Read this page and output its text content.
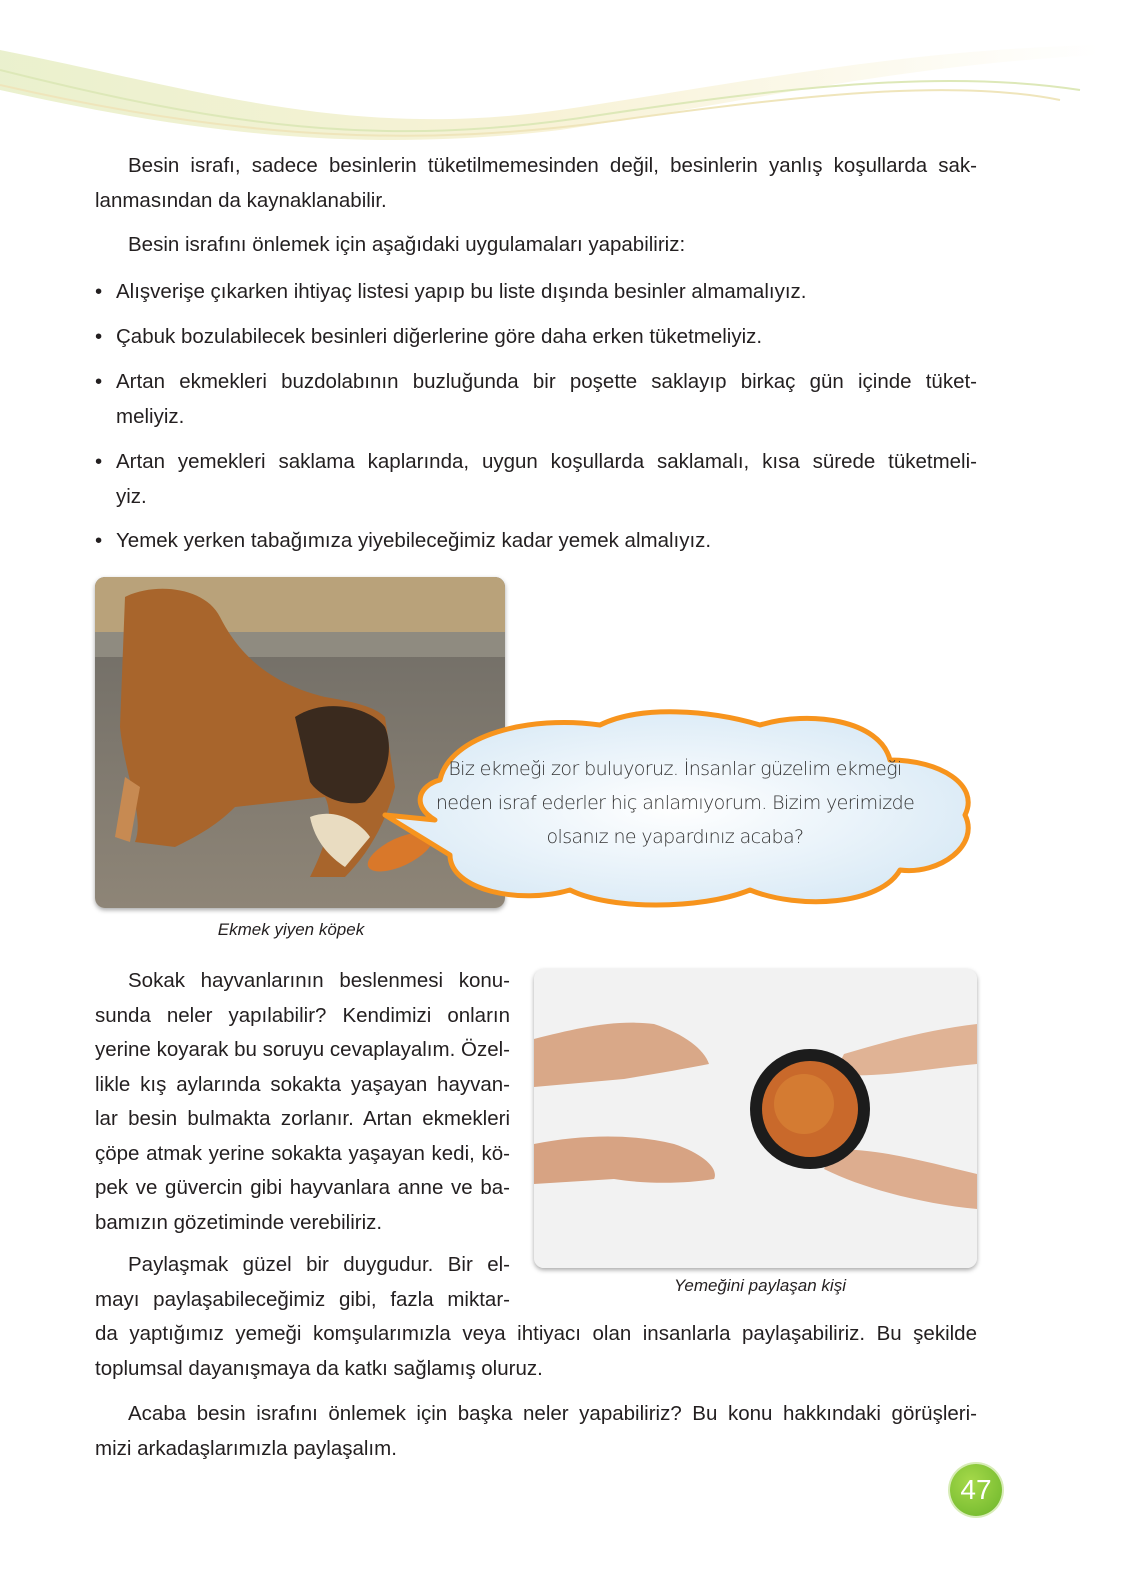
Besin israfı, sadece besinlerin tüketilmemesinden değil, besinlerin yanlış koşullarda sak-
lanmasından da kaynaklanabilir.
Besin israfını önlemek için aşağıdaki uygulamaları yapabiliriz:
• Alışverişe çıkarken ihtiyaç listesi yapıp bu liste dışında besinler almamalıyız.
• Çabuk bozulabilecek besinleri diğerlerine göre daha erken tüketmeliyiz.
• Artan ekmekleri buzdolabının buzluğunda bir poşette saklayıp birkaç gün içinde tüket-
meliyiz.
• Artan yemekleri saklama kaplarında, uygun koşullarda saklamalı, kısa sürede tüketmeli-
yiz.
• Yemek yerken tabağımıza yiyebileceğimiz kadar yemek almalıyız.
Ekmek yiyen köpek
Biz ekmeği zor buluyoruz. İnsanlar güzelim ekmeği
neden israf ederler hiç anlamıyorum. Bizim yerimizde
olsanız ne yapardınız acaba?
Sokak hayvanlarının beslenmesi konu-
sunda neler yapılabilir? Kendimizi onların
yerine koyarak bu soruyu cevaplayalım. Özel-
likle kış aylarında sokakta yaşayan hayvan-
lar besin bulmakta zorlanır. Artan ekmekleri
çöpe atmak yerine sokakta yaşayan kedi, kö-
pek ve güvercin gibi hayvanlara anne ve ba-
bamızın gözetiminde verebiliriz.
Yemeğini paylaşan kişi
Paylaşmak güzel bir duygudur. Bir el-
mayı paylaşabileceğimiz gibi, fazla miktar-
da yaptığımız yemeği komşularımızla veya ihtiyacı olan insanlarla paylaşabiliriz. Bu şekilde
toplumsal dayanışmaya da katkı sağlamış oluruz.
Acaba besin israfını önlemek için başka neler yapabiliriz? Bu konu hakkındaki görüşleri-
mizi arkadaşlarımızla paylaşalım.
47
